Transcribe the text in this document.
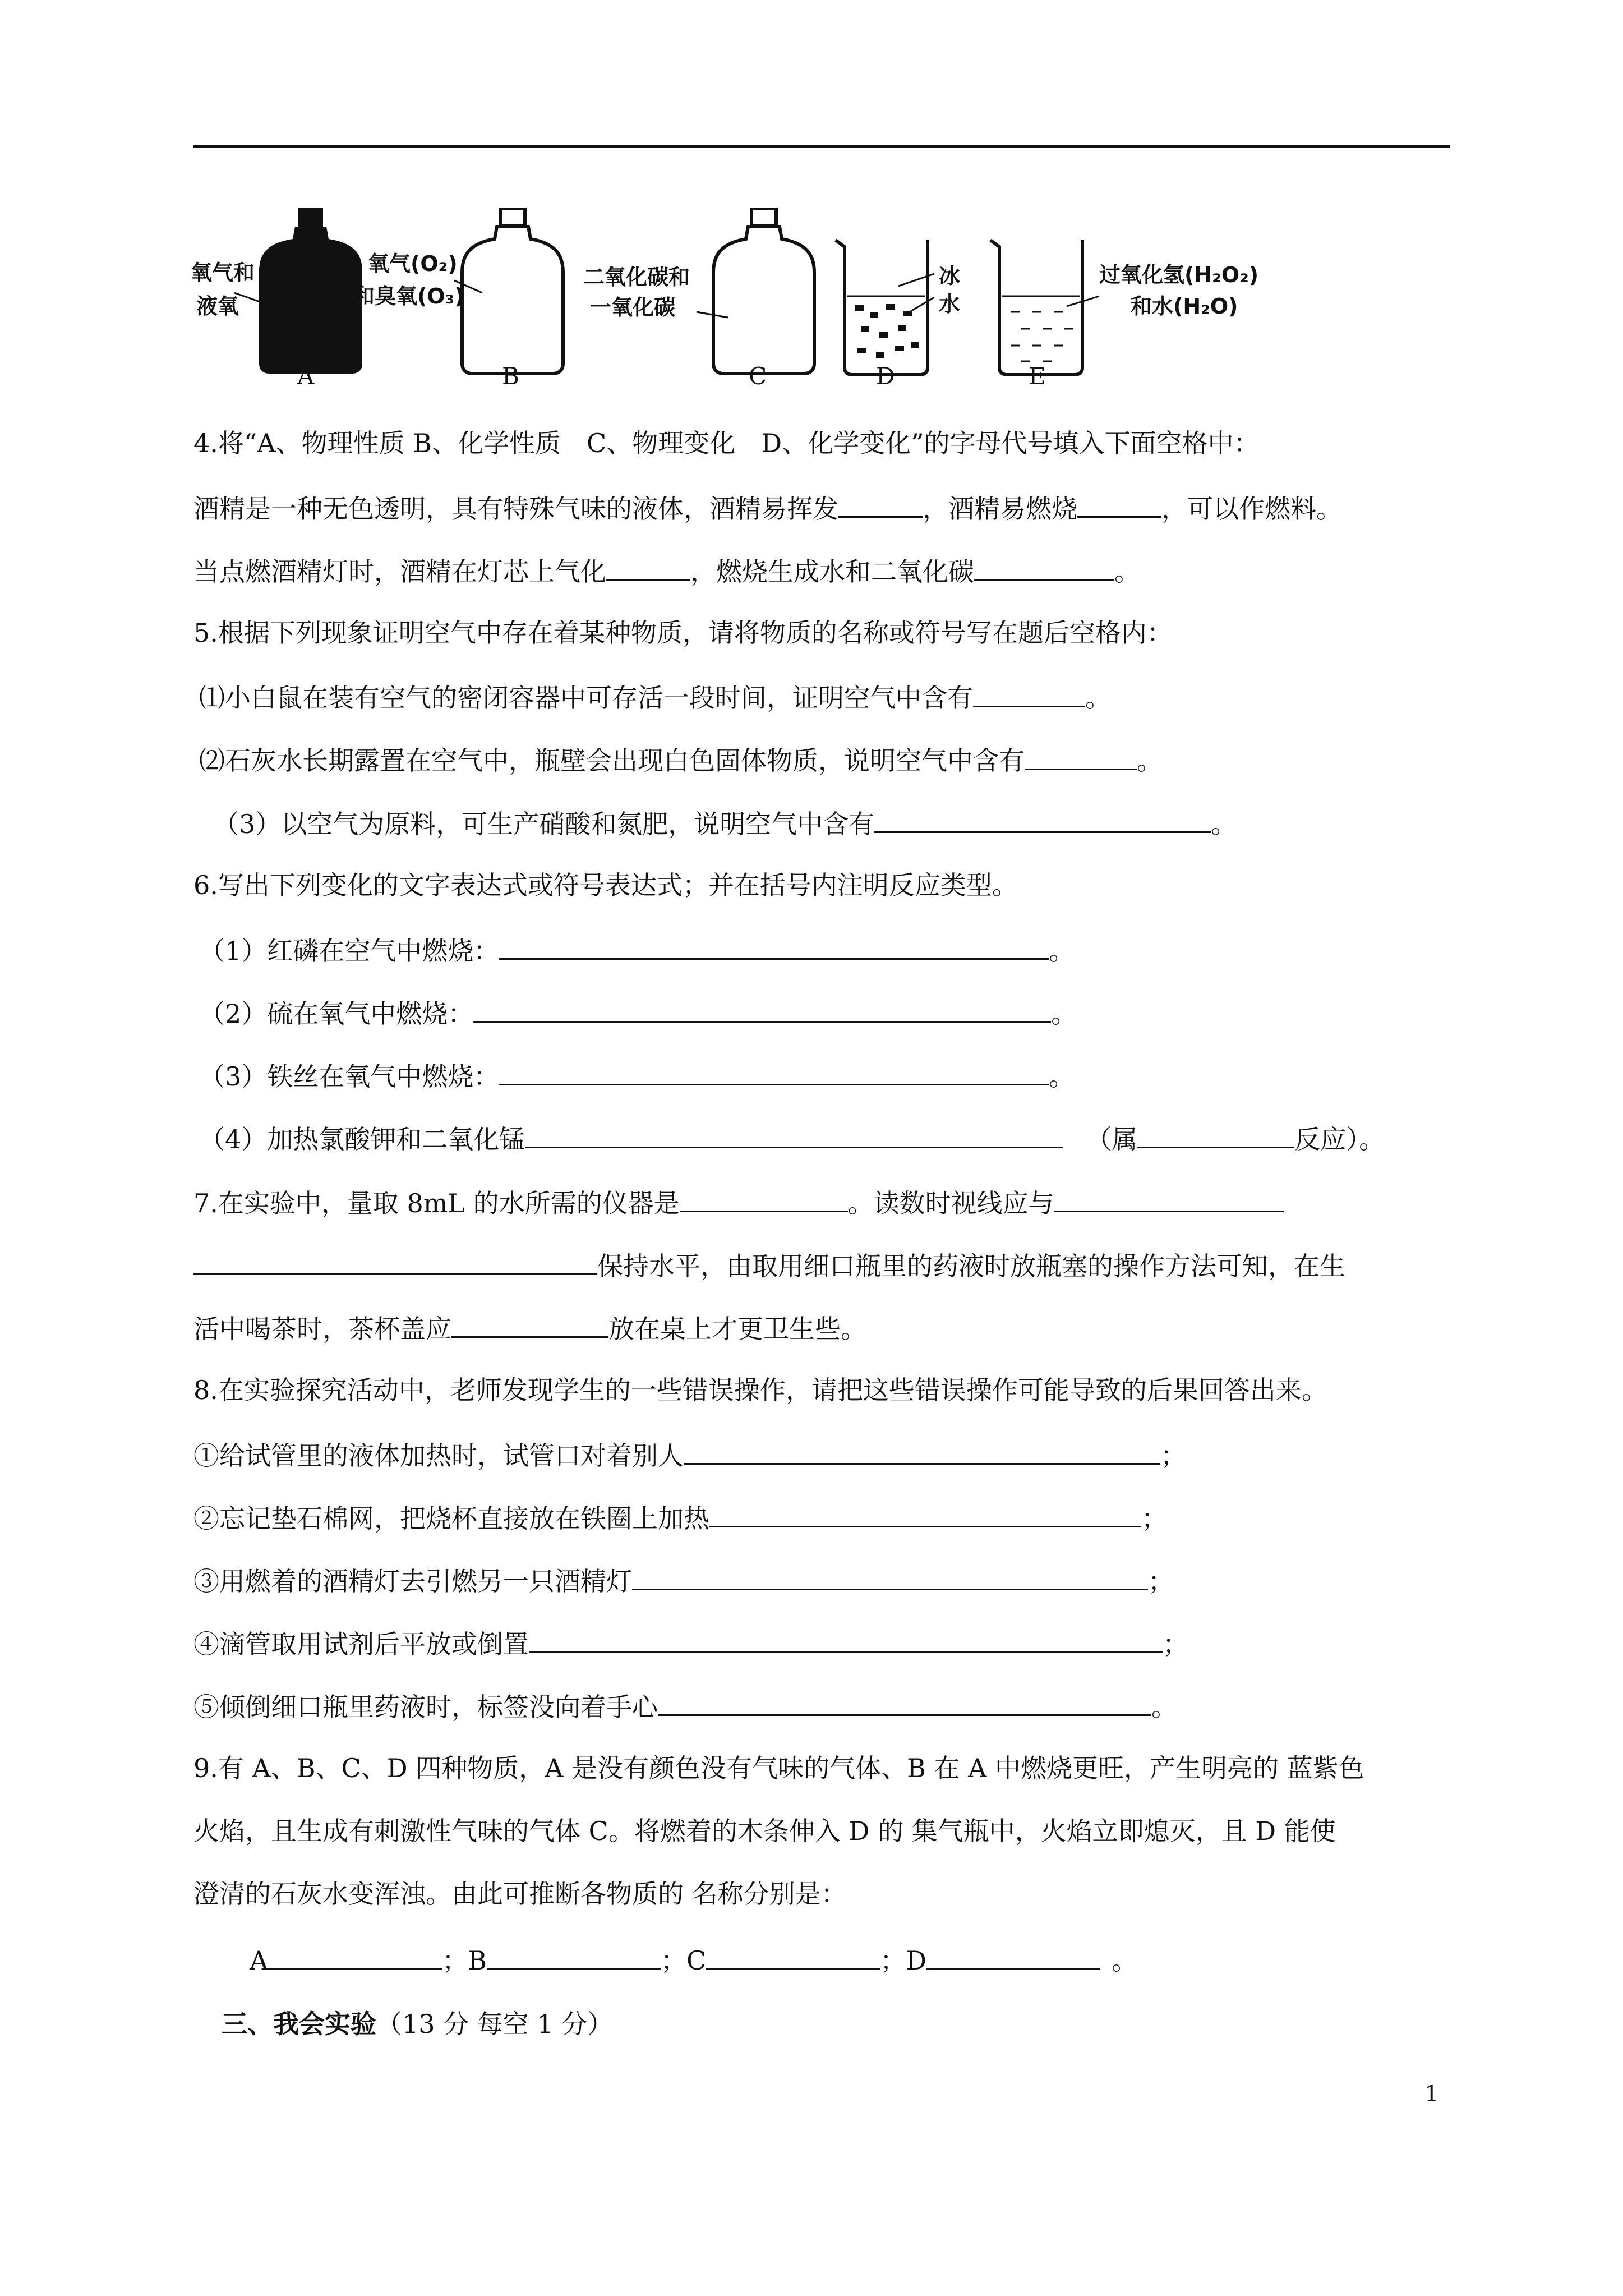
氧气和
液氧
A
氧气(O₂)
和臭氧(O₃)
B
二氧化碳和
一氧化碳
C
冰
水
D
过氧化氢(H₂O₂)
和水(H₂O)
E
4.将“A、物理性质 B、化学性质　C、物理变化　D、化学变化”的字母代号填入下面空格中：
酒精是一种无色透明，具有特殊气味的液体，酒精易挥发	，酒精易燃烧	，可以作燃料。
当点燃酒精灯时，酒精在灯芯上气化	，燃烧生成水和二氧化碳	。
5.根据下列现象证明空气中存在着某种物质，请将物质的名称或符号写在题后空格内：
⑴小白鼠在装有空气的密闭容器中可存活一段时间，证明空气中含有	。
⑵石灰水长期露置在空气中，瓶壁会出现白色固体物质，说明空气中含有	。
（3）以空气为原料，可生产硝酸和氮肥，说明空气中含有	。
6.写出下列变化的文字表达式或符号表达式；并在括号内注明反应类型。
（1）红磷在空气中燃烧：	。
（2）硫在氧气中燃烧：	。
（3）铁丝在氧气中燃烧：	。
（4）加热氯酸钾和二氧化锰	（属	反应）。
7.在实验中，量取 8mL 的水所需的仪器是	。读数时视线应与
保持水平，由取用细口瓶里的药液时放瓶塞的操作方法可知，在生
活中喝茶时，茶杯盖应	放在桌上才更卫生些。
8.在实验探究活动中，老师发现学生的一些错误操作，请把这些错误操作可能导致的后果回答出来。
①给试管里的液体加热时，试管口对着别人	；
②忘记垫石棉网，把烧杯直接放在铁圈上加热	；
③用燃着的酒精灯去引燃另一只酒精灯	；
④滴管取用试剂后平放或倒置	；
⑤倾倒细口瓶里药液时，标签没向着手心	。
9.有 A、B、C、D 四种物质，A 是没有颜色没有气味的气体、B 在 A 中燃烧更旺，产生明亮的 蓝紫色
火焰，且生成有刺激性气味的气体 C。将燃着的木条伸入 D 的 集气瓶中，火焰立即熄灭，且 D 能使
澄清的石灰水变浑浊。由此可推断各物质的 名称分别是：
A	；B	；C	；D	。
三、我会实验（13 分 每空 1 分）
1
